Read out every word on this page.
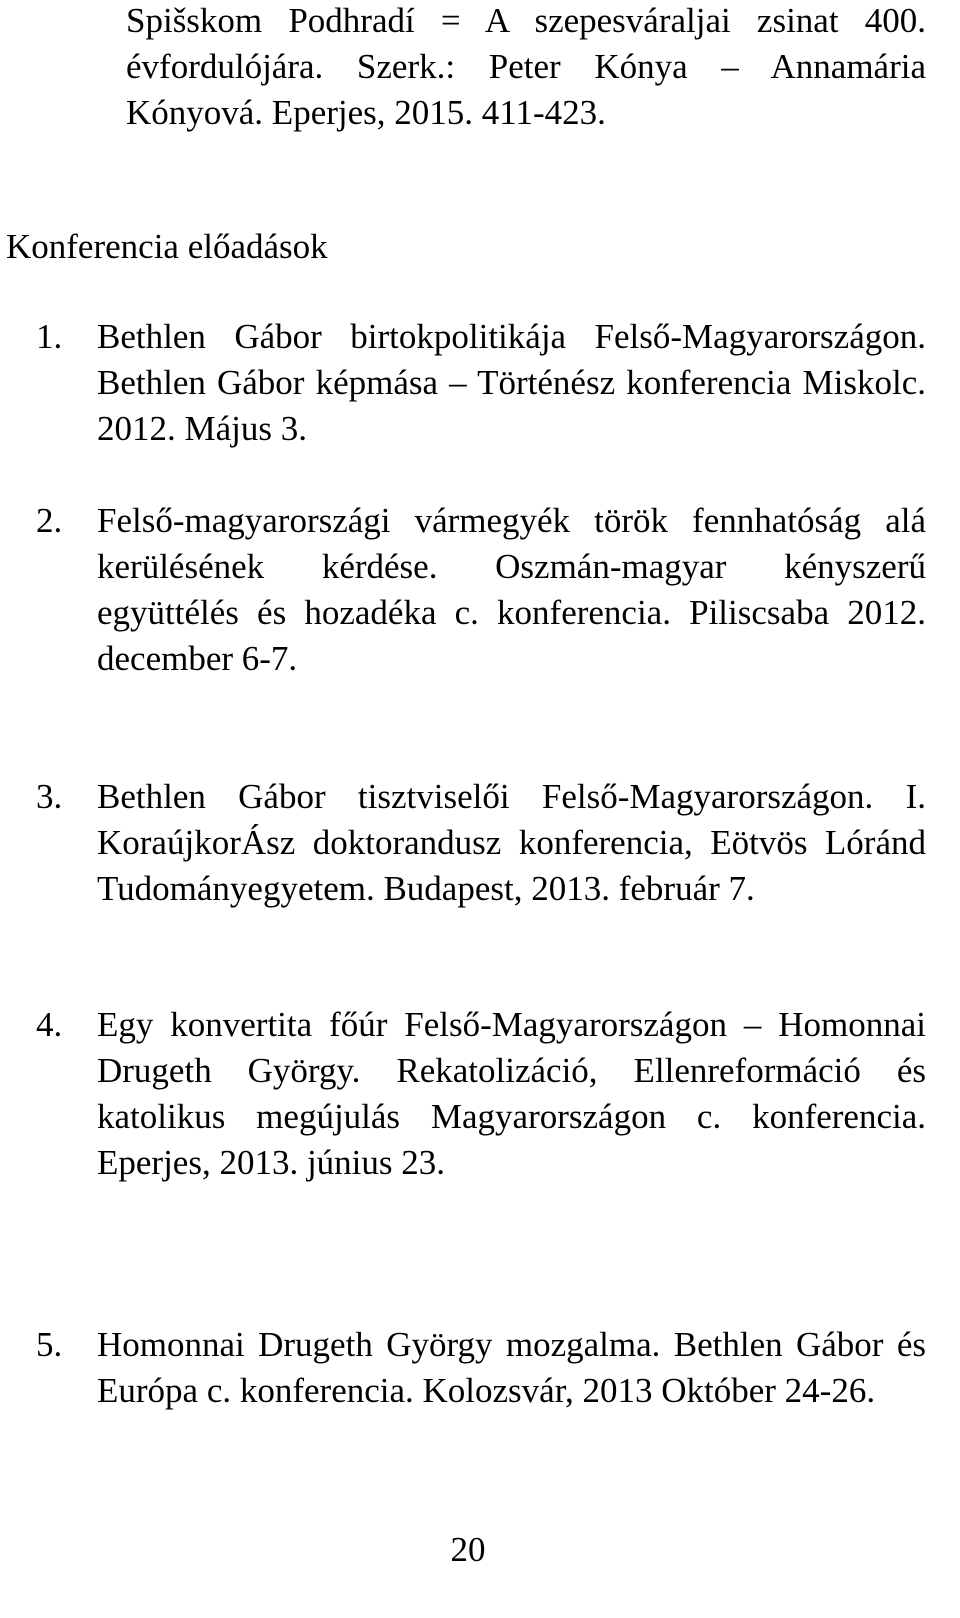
Spišskom Podhradí = A szepesváraljai zsinat 400. évfordulójára. Szerk.: Peter Kónya – Annamária Kónyová. Eperjes, 2015. 411-423.

Konferencia előadások
1. Bethlen Gábor birtokpolitikája Felső-Magyarországon. Bethlen Gábor képmása – Történész konferencia Miskolc. 2012. Május 3.
2. Felső-magyarországi vármegyék török fennhatóság alá kerülésének kérdése. Oszmán-magyar kényszerű együttélés és hozadéka c. konferencia. Piliscsaba 2012. december 6-7.
3. Bethlen Gábor tisztviselői Felső-Magyarországon. I. KoraújkorÁsz doktorandusz konferencia, Eötvös Lóránd Tudományegyetem. Budapest, 2013. február 7.
4. Egy konvertita főúr Felső-Magyarországon – Homonnai Drugeth György. Rekatolizáció, Ellenreformáció és katolikus megújulás Magyarországon c. konferencia. Eperjes, 2013. június 23.
5. Homonnai Drugeth György mozgalma. Bethlen Gábor és Európa c. konferencia. Kolozsvár, 2013 Október 24-26.
20
